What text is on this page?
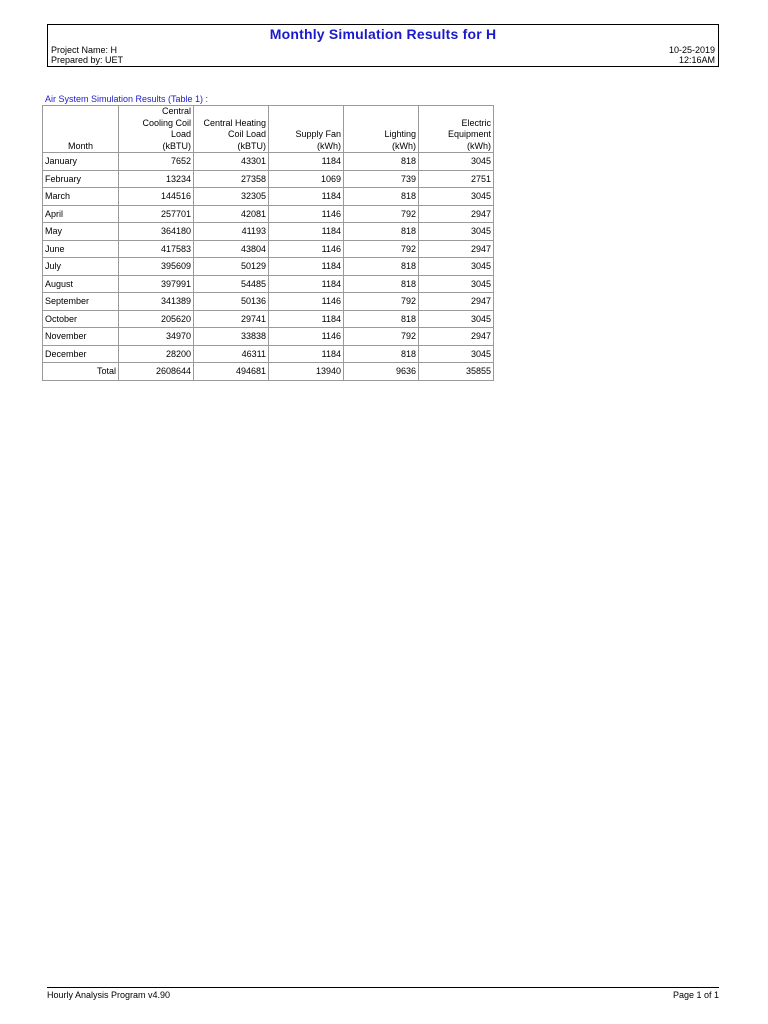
Monthly Simulation Results for H
Project Name: H
Prepared by: UET
10-25-2019
12:16AM
Air System Simulation Results (Table 1) :
Month	Central
Cooling Coil
Load
(kBTU)	Central Heating
Coil Load
(kBTU)	Supply Fan
(kWh)	Lighting
(kWh)	Electric
Equipment
(kWh)
January	7652	43301	1184	818	3045
February	13234	27358	1069	739	2751
March	144516	32305	1184	818	3045
April	257701	42081	1146	792	2947
May	364180	41193	1184	818	3045
June	417583	43804	1146	792	2947
July	395609	50129	1184	818	3045
August	397991	54485	1184	818	3045
September	341389	50136	1146	792	2947
October	205620	29741	1184	818	3045
November	34970	33838	1146	792	2947
December	28200	46311	1184	818	3045
Total	2608644	494681	13940	9636	35855
Hourly Analysis Program v4.90	Page 1 of 1
